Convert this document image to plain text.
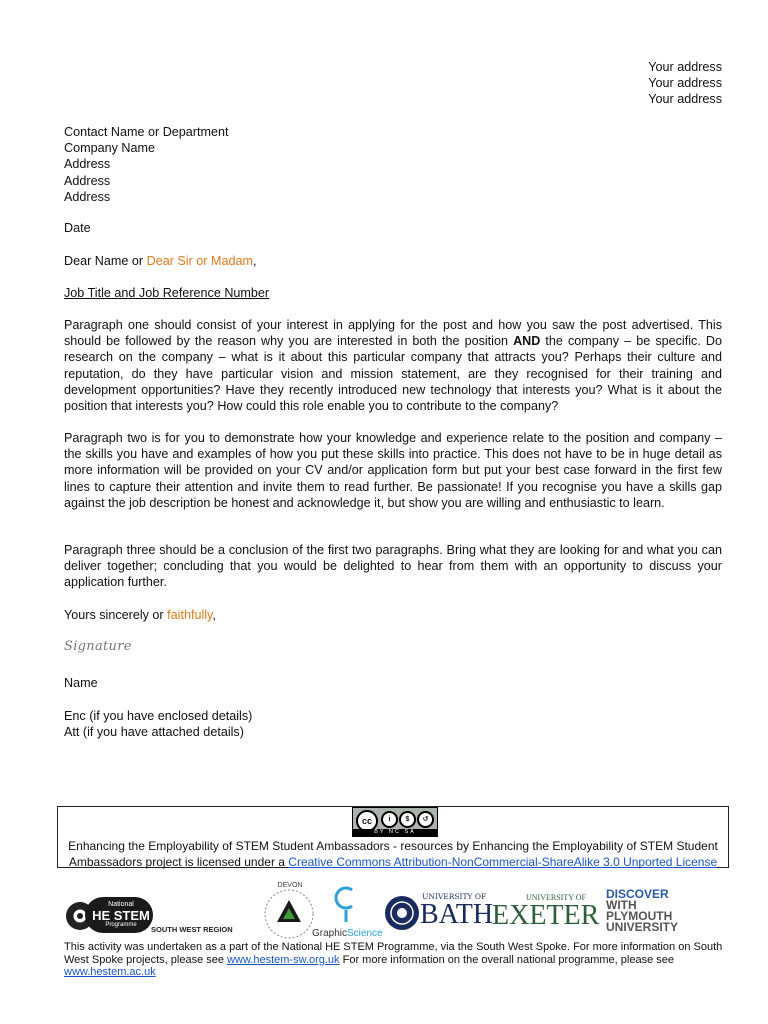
Your address
Your address
Your address
Contact Name or Department
Company Name
Address
Address
Address
Date
Dear Name or Dear Sir or Madam,
Job Title and Job Reference Number
Paragraph one should consist of your interest in applying for the post and how you saw the post advertised. This should be followed by the reason why you are interested in both the position AND the company – be specific. Do research on the company – what is it about this particular company that attracts you? Perhaps their culture and reputation, do they have particular vision and mission statement, are they recognised for their training and development opportunities? Have they recently introduced new technology that interests you? What is it about the position that interests you? How could this role enable you to contribute to the company?
Paragraph two is for you to demonstrate how your knowledge and experience relate to the position and company – the skills you have and examples of how you put these skills into practice. This does not have to be in huge detail as more information will be provided on your CV and/or application form but put your best case forward in the first few lines to capture their attention and invite them to read further. Be passionate! If you recognise you have a skills gap against the job description be honest and acknowledge it, but show you are willing and enthusiastic to learn.
Paragraph three should be a conclusion of the first two paragraphs. Bring what they are looking for and what you can deliver together; concluding that you would be delighted to hear from them with an opportunity to discuss your application further.
Yours sincerely or faithfully,
Signature
Name
Enc (if you have enclosed details)
Att (if you have attached details)
cc	i	$	↺
BY NC SA
Enhancing the Employability of STEM Student Ambassadors - resources by Enhancing the Employability of STEM Student
Ambassadors project is licensed under a Creative Commons Attribution-NonCommercial-ShareAlike 3.0 Unported License
National
HE STEM
Programme	SOUTH WEST REGION
DEVON
GraphicScience
UNIVERSITY OF
BATH
UNIVERSITY OF
EXETER
DISCOVER
WITH
PLYMOUTH
UNIVERSITY
This activity was undertaken as a part of the National HE STEM Programme, via the South West Spoke. For more information on South West Spoke projects, please see www.hestem-sw.org.uk For more information on the overall national programme, please see www.hestem.ac.uk
